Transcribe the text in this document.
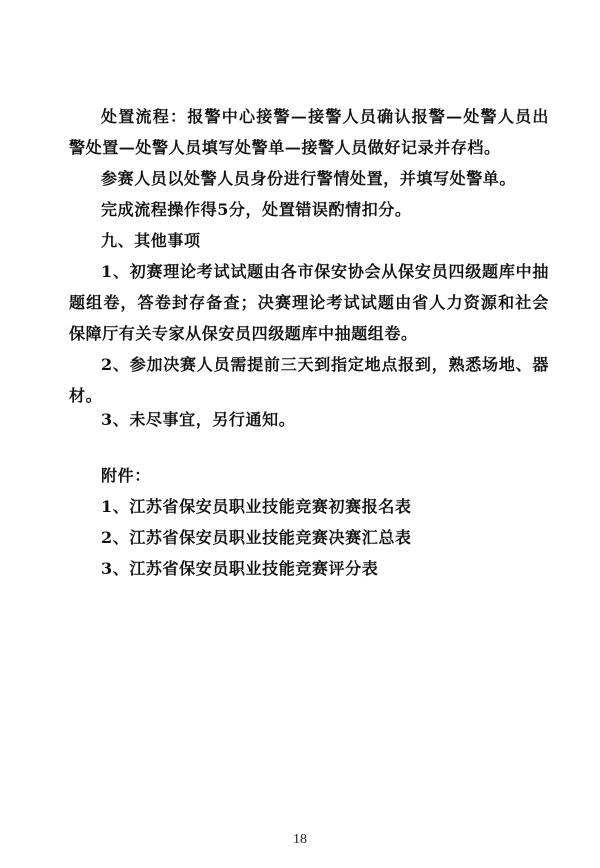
处置流程：报警中心接警—接警人员确认报警—处警人员出警处置—处警人员填写处警单—接警人员做好记录并存档。

参赛人员以处警人员身份进行警情处置，并填写处警单。

完成流程操作得5分，处置错误酌情扣分。

九、其他事项

1、初赛理论考试试题由各市保安协会从保安员四级题库中抽题组卷，答卷封存备查；决赛理论考试试题由省人力资源和社会保障厅有关专家从保安员四级题库中抽题组卷。

2、参加决赛人员需提前三天到指定地点报到，熟悉场地、器材。

3、未尽事宜，另行通知。

附件：

1、江苏省保安员职业技能竞赛初赛报名表

2、江苏省保安员职业技能竞赛决赛汇总表

3、江苏省保安员职业技能竞赛评分表

18
